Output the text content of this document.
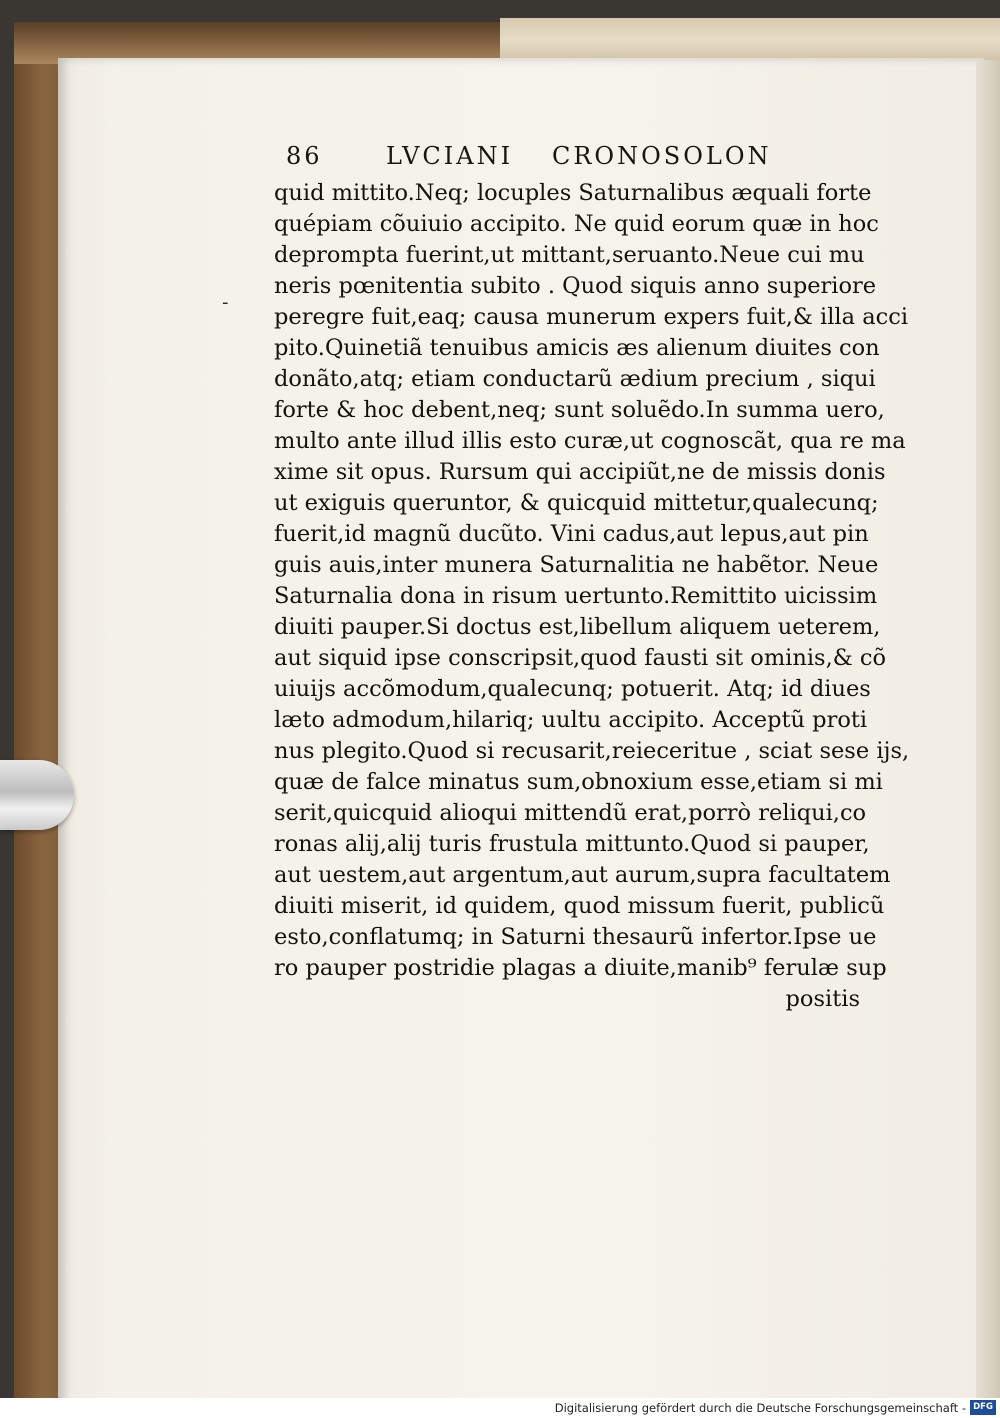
86	LVCIANI CRONOSOLON
-
quid mittito.Neq; locuples Saturnalibus æquali forte
quépiam cõuiuio accipito. Ne quid eorum quæ in hoc
deprompta fuerint,ut mittant,seruanto.Neue cui mu
neris pœnitentia subito . Quod siquis anno superiore
peregre fuit,eaq; causa munerum expers fuit,& illa acci
pito.Quinetiã tenuibus amicis æs alienum diuites con
donãto,atq; etiam conductarũ ædium precium , siqui
forte & hoc debent,neq; sunt soluẽdo.In summa uero,
multo ante illud illis esto curæ,ut cognoscãt, qua re ma
xime sit opus. Rursum qui accipiũt,ne de missis donis
ut exiguis queruntor, & quicquid mittetur,qualecunq;
fuerit,id magnũ ducũto. Vini cadus,aut lepus,aut pin
guis auis,inter munera Saturnalitia ne habẽtor. Neue
Saturnalia dona in risum uertunto.Remittito uicissim
diuiti pauper.Si doctus est,libellum aliquem ueterem,
aut siquid ipse conscripsit,quod fausti sit ominis,& cõ
uiuijs accõmodum,qualecunq; potuerit. Atq; id diues
læto admodum,hilariq; uultu accipito. Acceptũ proti
nus plegito.Quod si recusarit,reieceritue , sciat sese ijs,
quæ de falce minatus sum,obnoxium esse,etiam si mi
serit,quicquid alioqui mittendũ erat,porrò reliqui,co
ronas alij,alij turis frustula mittunto.Quod si pauper,
aut uestem,aut argentum,aut aurum,supra facultatem
diuiti miserit, id quidem, quod missum fuerit, publicũ
esto,conflatumq; in Saturni thesaurũ infertor.Ipse ue
ro pauper postridie plagas a diuite,manib⁹ ferulæ sup
positis
Digitalisierung gefördert durch die Deutsche Forschungsgemeinschaft - DFG
